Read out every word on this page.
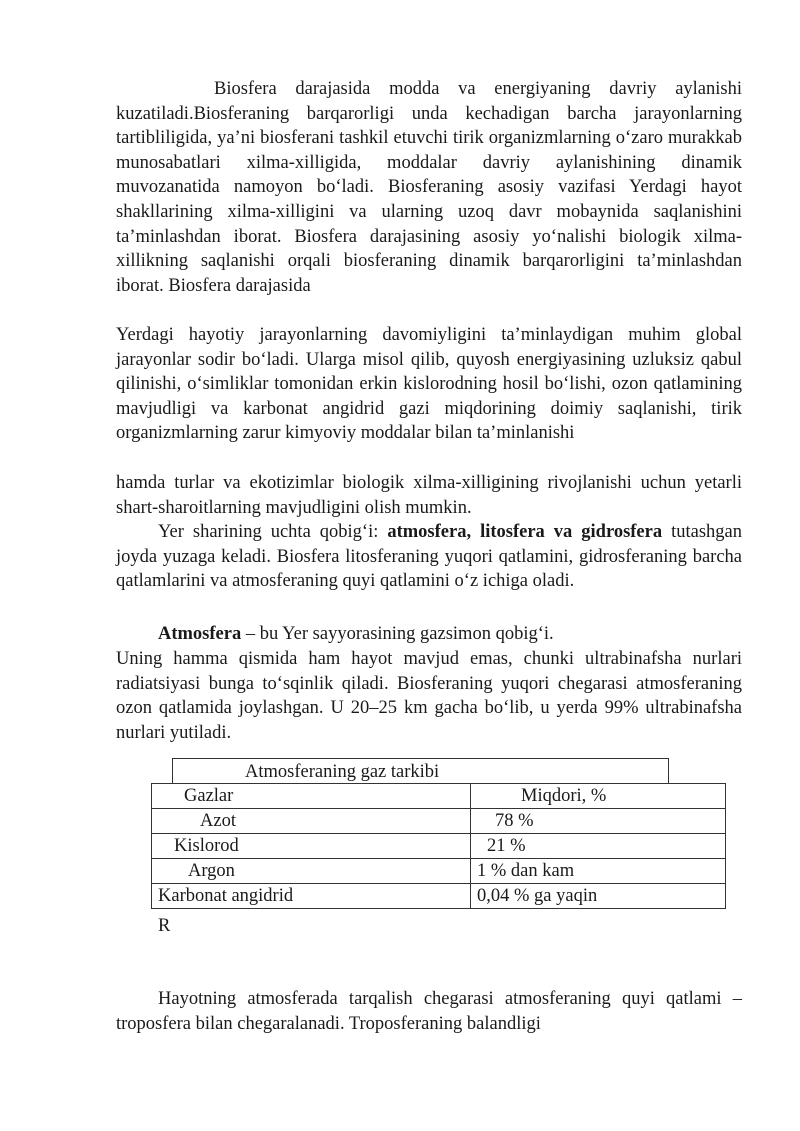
Biosfera darajasida modda va energiyaning davriy aylanishi kuzatiladi.Biosferaning barqarorligi unda kechadigan barcha jarayonlarning tartibliligida, ya’ni biosferani tashkil etuvchi tirik organizmlarning o‘zaro murakkab munosabatlari xilma-xilligida, moddalar davriy aylanishining dinamik muvozanatida namoyon bo‘ladi. Biosferaning asosiy vazifasi Yerdagi hayot shakllarining xilma-xilligini va ularning uzoq davr mobaynida saqlanishini ta’minlashdan iborat. Biosfera darajasining asosiy yo‘nalishi biologik xilma-xillikning saqlanishi orqali biosferaning dinamik barqarorligini ta’minlashdan iborat. Biosfera darajasida

Yerdagi hayotiy jarayonlarning davomiyligini ta’minlaydigan muhim global jarayonlar sodir bo‘ladi. Ularga misol qilib, quyosh energiyasining uzluksiz qabul qilinishi, o‘simliklar tomonidan erkin kislorodning hosil bo‘lishi, ozon qatlamining mavjudligi va karbonat angidrid gazi miqdorining doimiy saqlanishi, tirik organizmlarning zarur kimyoviy moddalar bilan ta’minlanishi

hamda turlar va ekotizimlar biologik xilma-xilligining rivojlanishi uchun yetarli shart-sharoitlarning mavjudligini olish mumkin.

Yer sharining uchta qobig‘i: atmosfera, litosfera va gidrosfera tutashgan joyda yuzaga keladi. Biosfera litosferaning yuqori qatlamini, gidrosferaning barcha qatlamlarini va atmosferaning quyi qatlamini o‘z ichiga oladi.

Atmosfera – bu Yer sayyorasining gazsimon qobig‘i.

Uning hamma qismida ham hayot mavjud emas, chunki ultrabinafsha nurlari radiatsiyasi bunga to‘sqinlik qiladi. Biosferaning yuqori chegarasi atmosferaning ozon qatlamida joylashgan. U 20–25 km gacha bo‘lib, u yerda 99% ultrabinafsha nurlari yutiladi.

Atmosferaning gaz tarkibi
Gazlar	Miqdori, %
Azot	78 %
Kislorod	21 %
Argon	1 % dan kam
Karbonat angidrid	0,04 % ga yaqin
R

Hayotning atmosferada tarqalish chegarasi atmosferaning quyi qatlami – troposfera bilan chegaralanadi. Troposferaning balandligi
